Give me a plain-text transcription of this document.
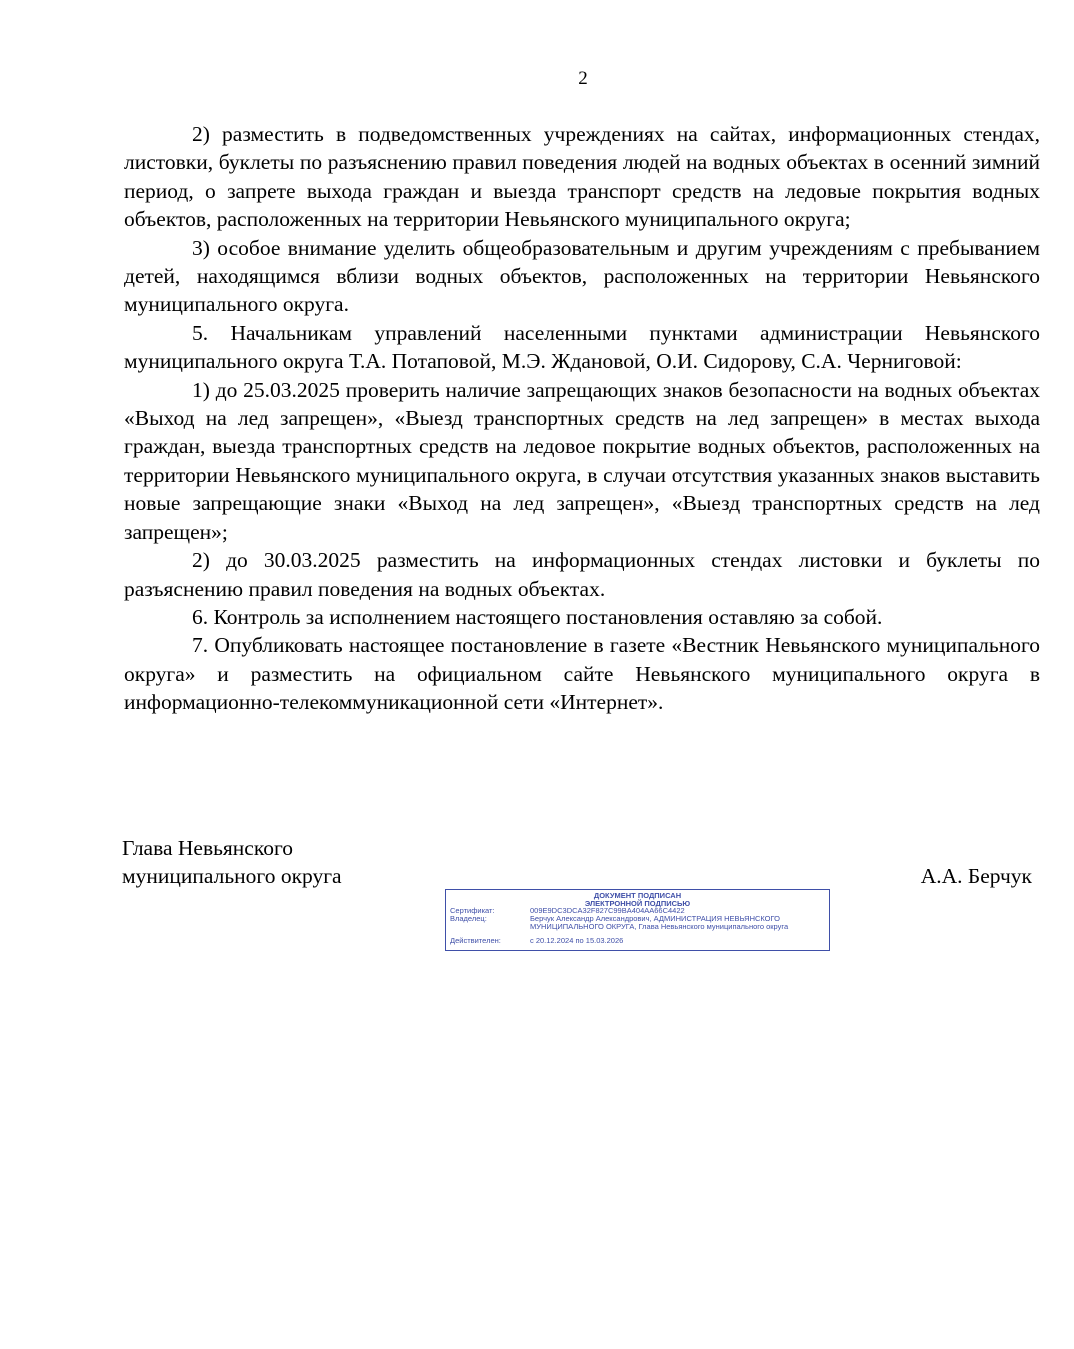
2

2) разместить в подведомственных учреждениях на сайтах, информационных стендах, листовки, буклеты по разъяснению правил поведения людей на водных объектах в осенний зимний период, о запрете выхода граждан и выезда транспорт средств на ледовые покрытия водных объектов, расположенных на территории Невьянского муниципального округа;

3) особое внимание уделить общеобразовательным и другим учреждениям с пребыванием детей, находящимся вблизи водных объектов, расположенных на территории Невьянского муниципального округа.

5. Начальникам управлений населенными пунктами администрации Невьянского муниципального округа Т.А. Потаповой, М.Э. Ждановой, О.И. Сидорову, С.А. Черниговой:

1) до 25.03.2025 проверить наличие запрещающих знаков безопасности на водных объектах «Выход на лед запрещен», «Выезд транспортных средств на лед запрещен» в местах выхода граждан, выезда транспортных средств на ледовое покрытие водных объектов, расположенных на территории Невьянского муниципального округа, в случаи отсутствия указанных знаков выставить новые запрещающие знаки «Выход на лед запрещен», «Выезд транспортных средств на лед запрещен»;

2) до 30.03.2025 разместить на информационных стендах листовки и буклеты по разъяснению правил поведения на водных объектах.

6. Контроль за исполнением настоящего постановления оставляю за собой.

7. Опубликовать настоящее постановление в газете «Вестник Невьянского муниципального округа» и разместить на официальном сайте Невьянского муниципального округа в информационно-телекоммуникационной сети «Интернет».

Глава Невьянского
муниципального округа	А.А. Берчук
ДОКУМЕНТ ПОДПИСАН
ЭЛЕКТРОННОЙ ПОДПИСЬЮ
Сертификат:	009E9DC3DCA32F827C99BA404AA66C4422
Владелец:	Берчук Александр Александрович, АДМИНИСТРАЦИЯ НЕВЬЯНСКОГО МУНИЦИПАЛЬНОГО ОКРУГА, Глава Невьянского муниципального округа
Действителен:	с 20.12.2024 по 15.03.2026
